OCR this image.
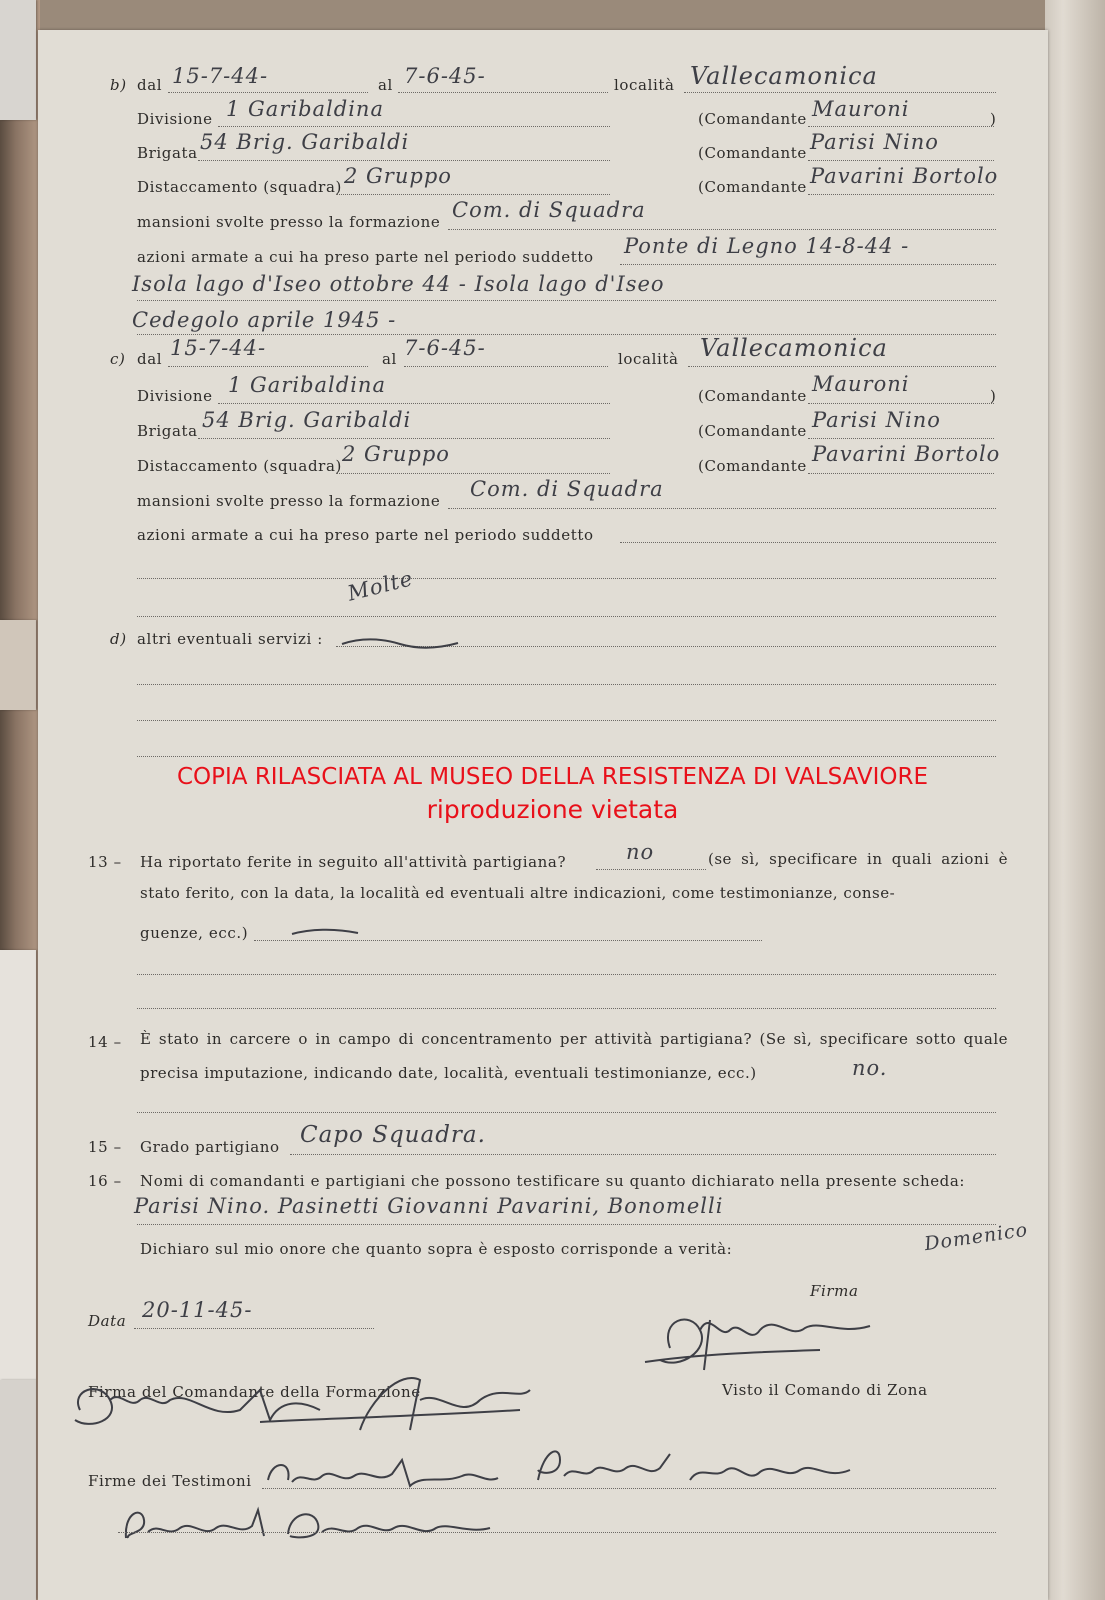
b) dal 15-7-44-	al 7-6-45-	località Vallecamonica
Divisione 1 Garibaldina	(Comandante Mauroni	)
Brigata 54 Brig. Garibaldi	(Comandante Parisi Nino
Distaccamento (squadra) 2 Gruppo	(Comandante Pavarini Bortolo
mansioni svolte presso la formazione Com. di Squadra
azioni armate a cui ha preso parte nel periodo suddetto Ponte di Legno 14-8-44 -
Isola lago d'Iseo ottobre 44 - Isola lago d'Iseo
Cedegolo aprile 1945 -
c) dal 15-7-44-	al 7-6-45-	località Vallecamonica
Divisione 1 Garibaldina	(Comandante Mauroni	)
Brigata 54 Brig. Garibaldi	(Comandante Parisi Nino
Distaccamento (squadra) 2 Gruppo	(Comandante Pavarini Bortolo
mansioni svolte presso la formazione Com. di Squadra
azioni armate a cui ha preso parte nel periodo suddetto
Molte
d) altri eventuali servizi :
COPIA RILASCIATA AL MUSEO DELLA RESISTENZA DI VALSAVIORE
riproduzione vietata
13 – Ha riportato ferite in seguito all'attività partigiana?	no	(se sì, specificare in quali azioni è stato ferito, con la data, la località ed eventuali altre indicazioni, come testimonianze, conse-
guenze, ecc.)
14 – È stato in carcere o in campo di concentramento per attività partigiana? (Se sì, specificare sotto quale precisa imputazione, indicando date, località, eventuali testimonianze, ecc.)	no.
15 – Grado partigiano Capo Squadra.
16 – Nomi di comandanti e partigiani che possono testificare su quanto dichiarato nella presente scheda:
Parisi Nino. Pasinetti Giovanni Pavarini, Bonomelli
Domenico
Dichiaro sul mio onore che quanto sopra è esposto corrisponde a verità:
Firma
Data 20-11-45-
Firma del Comandante della Formazione	Visto il Comando di Zona
Firme dei Testimoni
